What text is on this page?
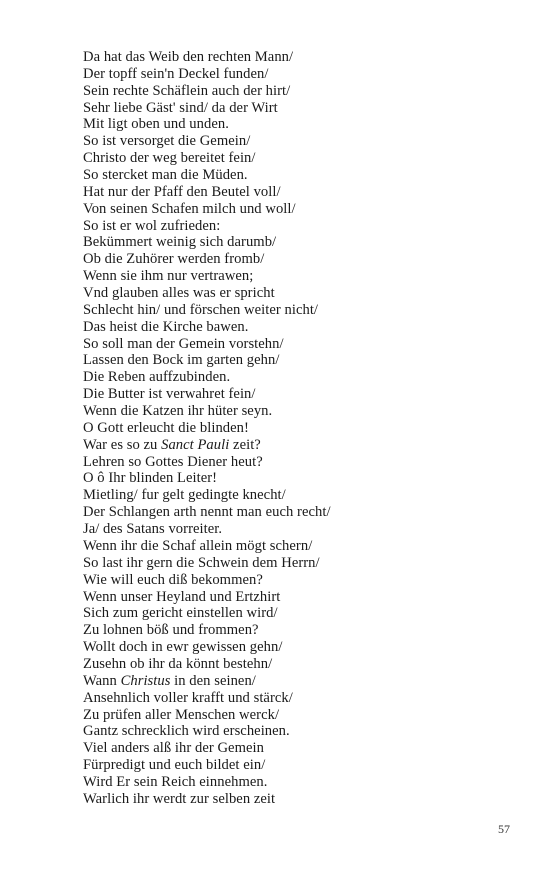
Da hat das Weib den rechten Mann/
Der topff sein'n Deckel funden/
Sein rechte Schäflein auch der hirt/
Sehr liebe Gäst' sind/ da der Wirt
Mit ligt oben und unden.
So ist versorget die Gemein/
Christo der weg bereitet fein/
So stercket man die Müden.
Hat nur der Pfaff den Beutel voll/
Von seinen Schafen milch und woll/
So ist er wol zufrieden:
Bekümmert weinig sich darumb/
Ob die Zuhörer werden fromb/
Wenn sie ihm nur vertrawen;
Vnd glauben alles was er spricht
Schlecht hin/ und förschen weiter nicht/
Das heist die Kirche bawen.
So soll man der Gemein vorstehn/
Lassen den Bock im garten gehn/
Die Reben auffzubinden.
Die Butter ist verwahret fein/
Wenn die Katzen ihr hüter seyn.
O Gott erleucht die blinden!
War es so zu Sanct Pauli zeit?
Lehren so Gottes Diener heut?
O ô Ihr blinden Leiter!
Mietling/ fur gelt gedingte knecht/
Der Schlangen arth nennt man euch recht/
Ja/ des Satans vorreiter.
Wenn ihr die Schaf allein mögt schern/
So last ihr gern die Schwein dem Herrn/
Wie will euch diß bekommen?
Wenn unser Heyland und Ertzhirt
Sich zum gericht einstellen wird/
Zu lohnen böß und frommen?
Wollt doch in ewr gewissen gehn/
Zusehn ob ihr da könnt bestehn/
Wann Christus in den seinen/
Ansehnlich voller krafft und stärck/
Zu prüfen aller Menschen werck/
Gantz schrecklich wird erscheinen.
Viel anders alß ihr der Gemein
Fürpredigt und euch bildet ein/
Wird Er sein Reich einnehmen.
Warlich ihr werdt zur selben zeit
57
